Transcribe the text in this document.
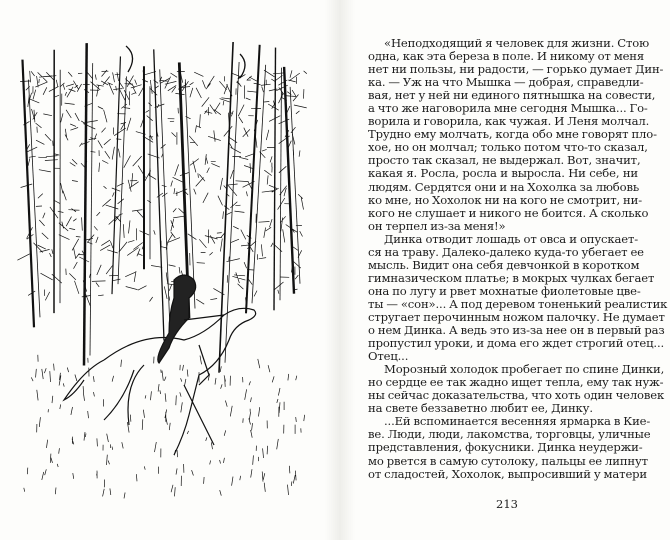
«Неподходящий я человек для жизни. Стою
одна, как эта береза в поле. И никому от меня
нет ни пользы, ни радости, — горько думает Дин-
ка. — Уж на что Мышка — добрая, справедли-
вая, нет у ней ни единого пятнышка на совести,
а что же наговорила мне сегодня Мышка... Го-
ворила и говорила, как чужая. И Леня молчал.
Трудно ему молчать, когда обо мне говорят пло-
хое, но он молчал; только потом что-то сказал,
просто так сказал, не выдержал. Вот, значит,
какая я. Росла, росла и выросла. Ни себе, ни
людям. Сердятся они и на Хохолка за любовь
ко мне, но Хохолок ни на кого не смотрит, ни-
кого не слушает и никого не боится. А сколько
он терпел из-за меня!»
Динка отводит лошадь от овса и опускает-
ся на траву. Далеко-далеко куда-то убегает ее
мысль. Видит она себя девчонкой в коротком
гимназическом платье; в мокрых чулках бегает
она по лугу и рвет мохнатые фиолетовые цве-
ты — «сон»... А под деревом тоненький реалистик
стругает перочинным ножом палочку. Не думает
о нем Динка. А ведь это из-за нее он в первый раз
пропустил уроки, и дома его ждет строгий отец...
Отец...
Морозный холодок пробегает по спине Динки,
но сердце ее так жадно ищет тепла, ему так нуж-
ны сейчас доказательства, что хоть один человек
на свете беззаветно любит ее, Динку.
...Ей вспоминается весенняя ярмарка в Кие-
ве. Люди, люди, лакомства, торговцы, уличные
представления, фокусники. Динка неудержи-
мо рвется в самую сутолоку, пальцы ее липнут
от сладостей, Хохолок, выпросивший у матери
213
